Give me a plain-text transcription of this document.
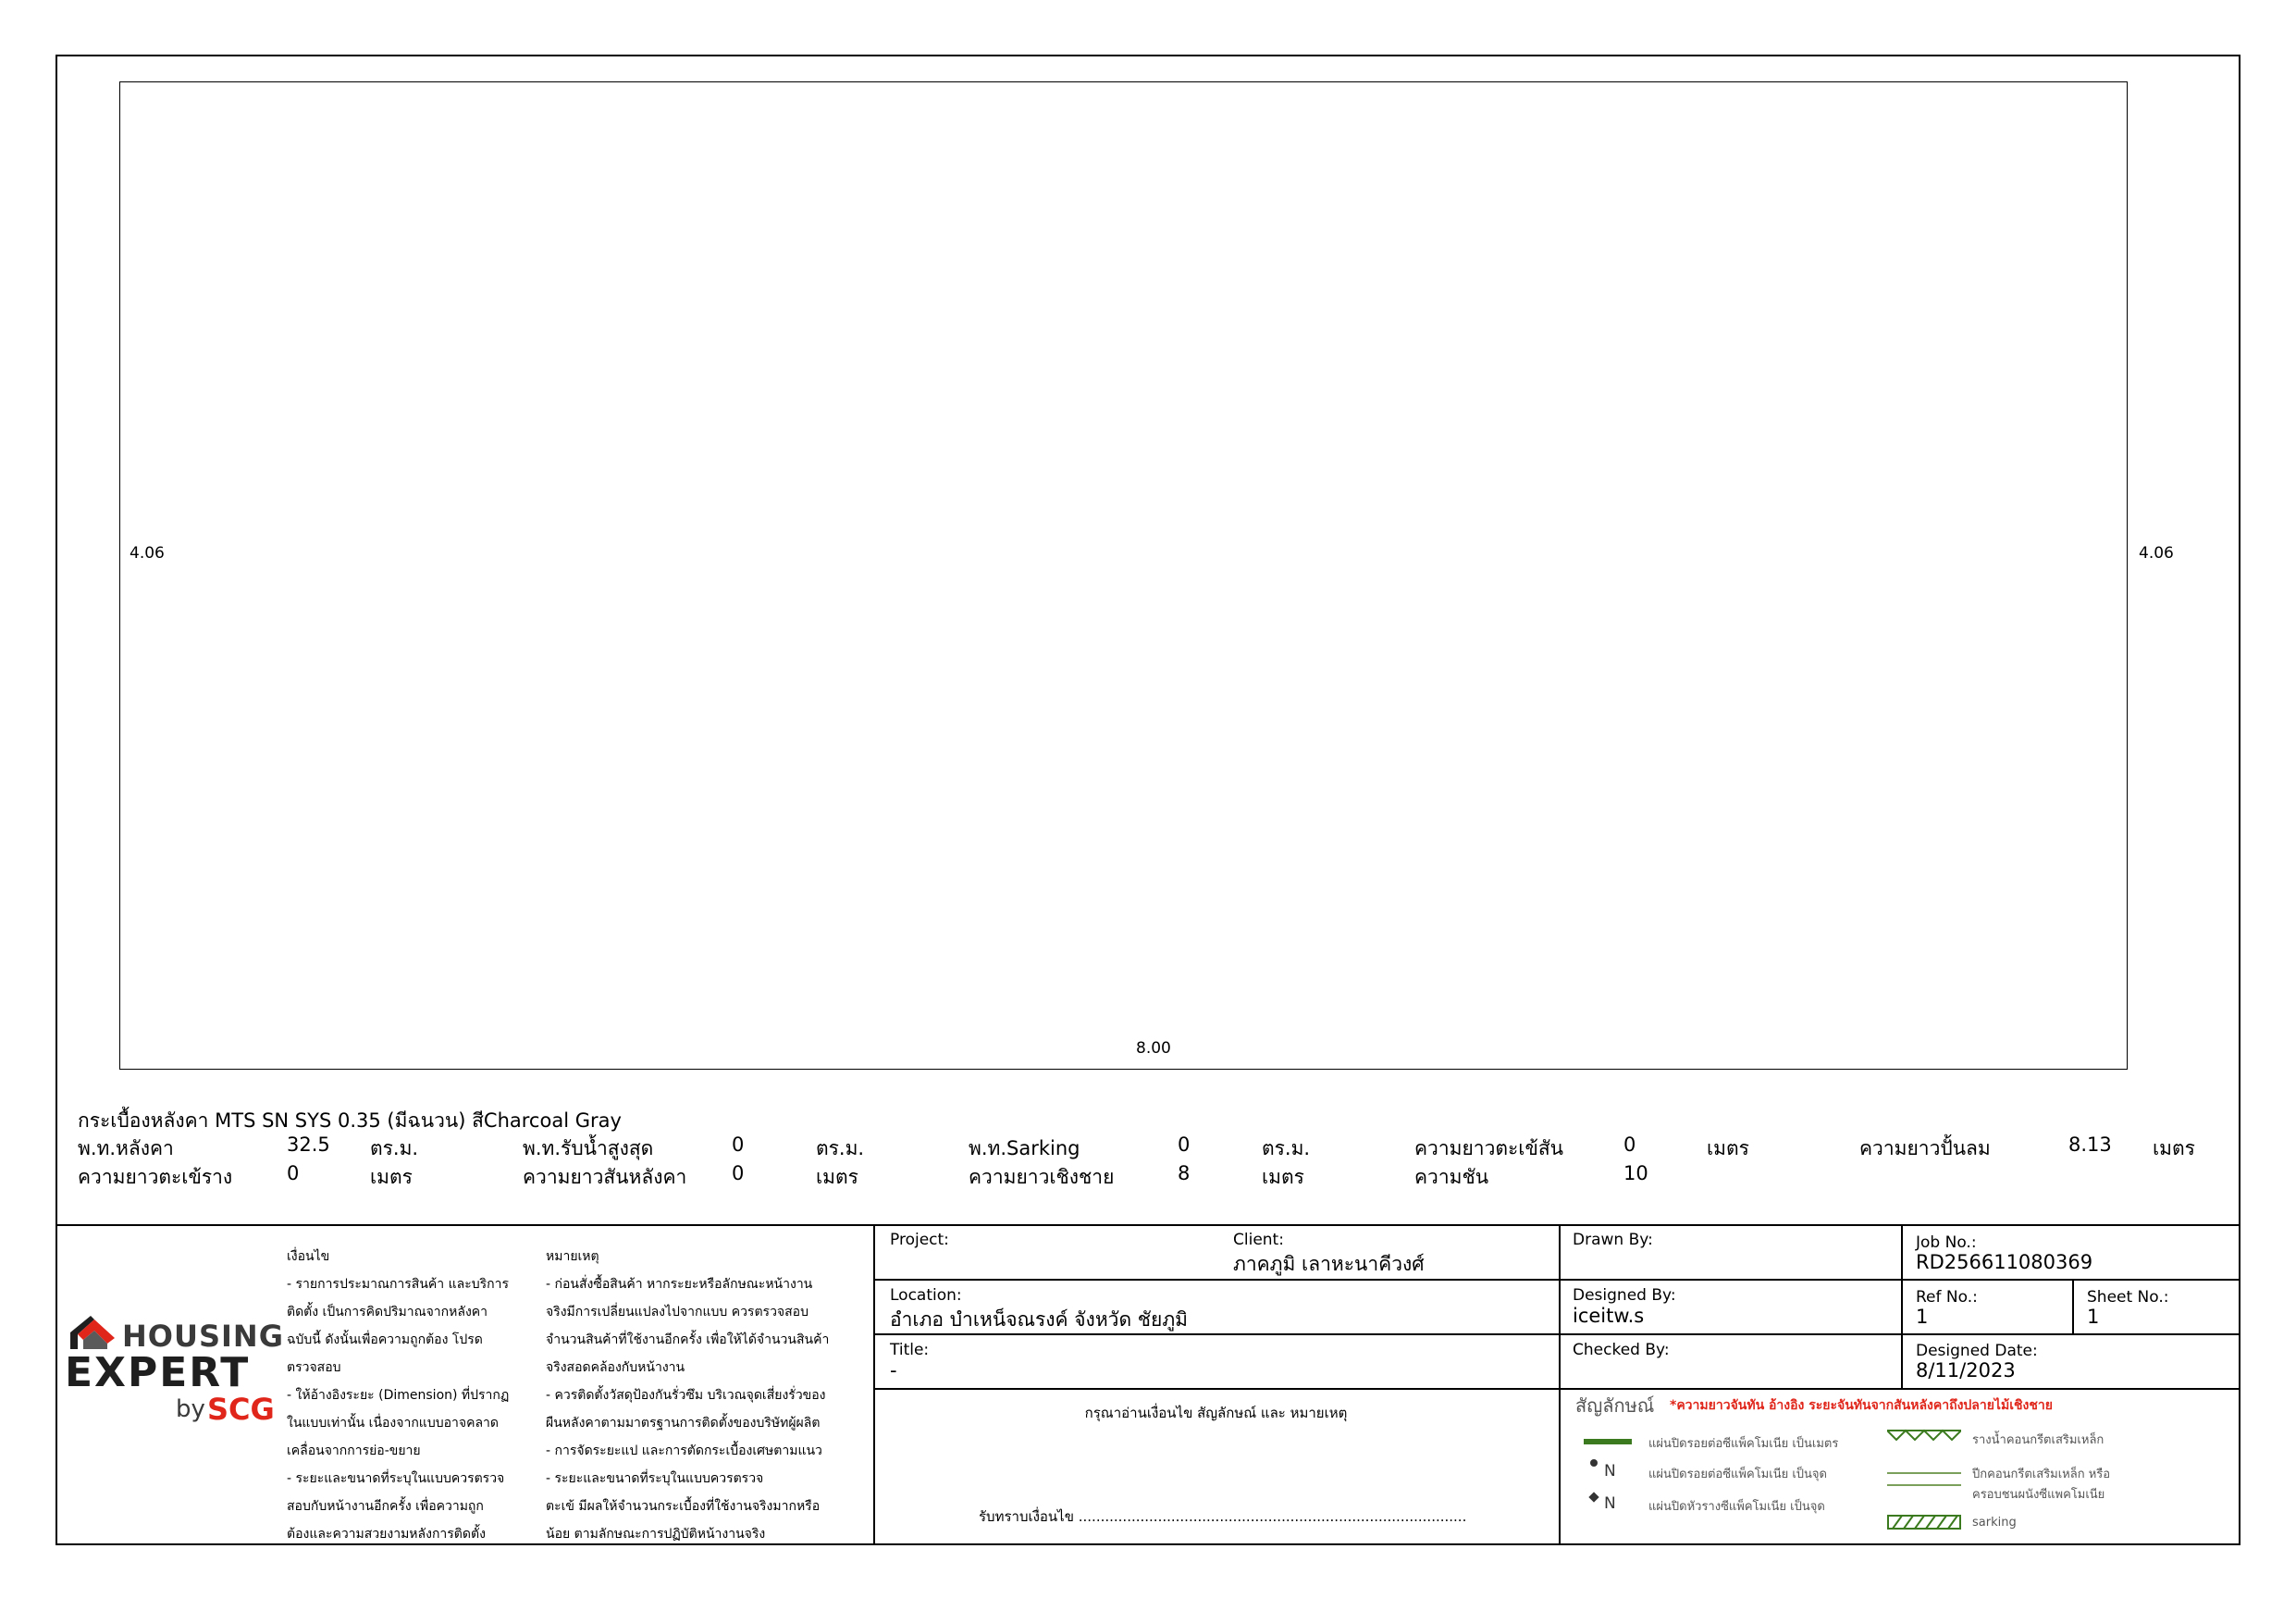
4.06	4.06
8.00
กระเบื้องหลังคา MTS SN SYS 0.35 (มีฉนวน) สีCharcoal Gray
พ.ท.หลังคา	32.5 ตร.ม.	พ.ท.รับน้ำสูงสุด	0	ตร.ม.	พ.ท.Sarking	0	ตร.ม.	ความยาวตะเข้สัน	0	เมตร	ความยาวปั้นลม	8.13 เมตร
ความยาวตะเข้ราง	0	เมตร	ความยาวสันหลังคา 0	เมตร	ความยาวเชิงชาย	8	เมตร	ความชัน	10
HOUSING
EXPERT
by SCG
เงื่อนไข
- รายการประมาณการสินค้า และบริการ
ติดตั้ง เป็นการคิดปริมาณจากหลังคา
ฉบับนี้ ดังนั้นเพื่อความถูกต้อง โปรด
ตรวจสอบ
- ให้อ้างอิงระยะ (Dimension) ที่ปรากฏ
ในแบบเท่านั้น เนื่องจากแบบอาจคลาด
เคลื่อนจากการย่อ-ขยาย
- ระยะและขนาดที่ระบุในแบบควรตรวจ
สอบกับหน้างานอีกครั้ง เพื่อความถูก
ต้องและความสวยงามหลังการติดตั้ง
หมายเหตุ
- ก่อนสั่งซื้อสินค้า หากระยะหรือลักษณะหน้างาน
จริงมีการเปลี่ยนแปลงไปจากแบบ ควรตรวจสอบ
จำนวนสินค้าที่ใช้งานอีกครั้ง เพื่อให้ได้จำนวนสินค้า
จริงสอดคล้องกับหน้างาน
- ควรติดตั้งวัสดุป้องกันรั่วซึม บริเวณจุดเสี่ยงรั่วของ
ผืนหลังคาตามมาตรฐานการติดตั้งของบริษัทผู้ผลิต
- การจัดระยะแป และการตัดกระเบื้องเศษตามแนว
- ระยะและขนาดที่ระบุในแบบควรตรวจ
ตะเข้ มีผลให้จำนวนกระเบื้องที่ใช้งานจริงมากหรือ
น้อย ตามลักษณะการปฏิบัติหน้างานจริง
Project:	Client:
ภาคภูมิ เลาหะนาคีวงศ์
Location:
อำเภอ บำเหน็จณรงค์ จังหวัด ชัยภูมิ
Title:
-
Drawn By:
Designed By:
iceitw.s
Checked By:
Job No.:
RD256611080369
Ref No.:
1
Sheet No.:
1
Designed Date:
8/11/2023
กรุณาอ่านเงื่อนไข สัญลักษณ์ และ หมายเหตุ
รับทราบเงื่อนไข ........................................................................................
สัญลักษณ์ *ความยาวจันทัน อ้างอิง ระยะจันทันจากสันหลังคาถึงปลายไม้เชิงชาย
แผ่นปิดรอยต่อซีแพ็คโมเนีย เป็นเมตร
N	แผ่นปิดรอยต่อซีแพ็คโมเนีย เป็นจุด
N	แผ่นปิดหัวรางซีแพ็คโมเนีย เป็นจุด
รางน้ำคอนกรีตเสริมเหล็ก
ปีกคอนกรีตเสริมเหล็ก หรือ
ครอบชนผนังซีแพคโมเนีย
sarking
